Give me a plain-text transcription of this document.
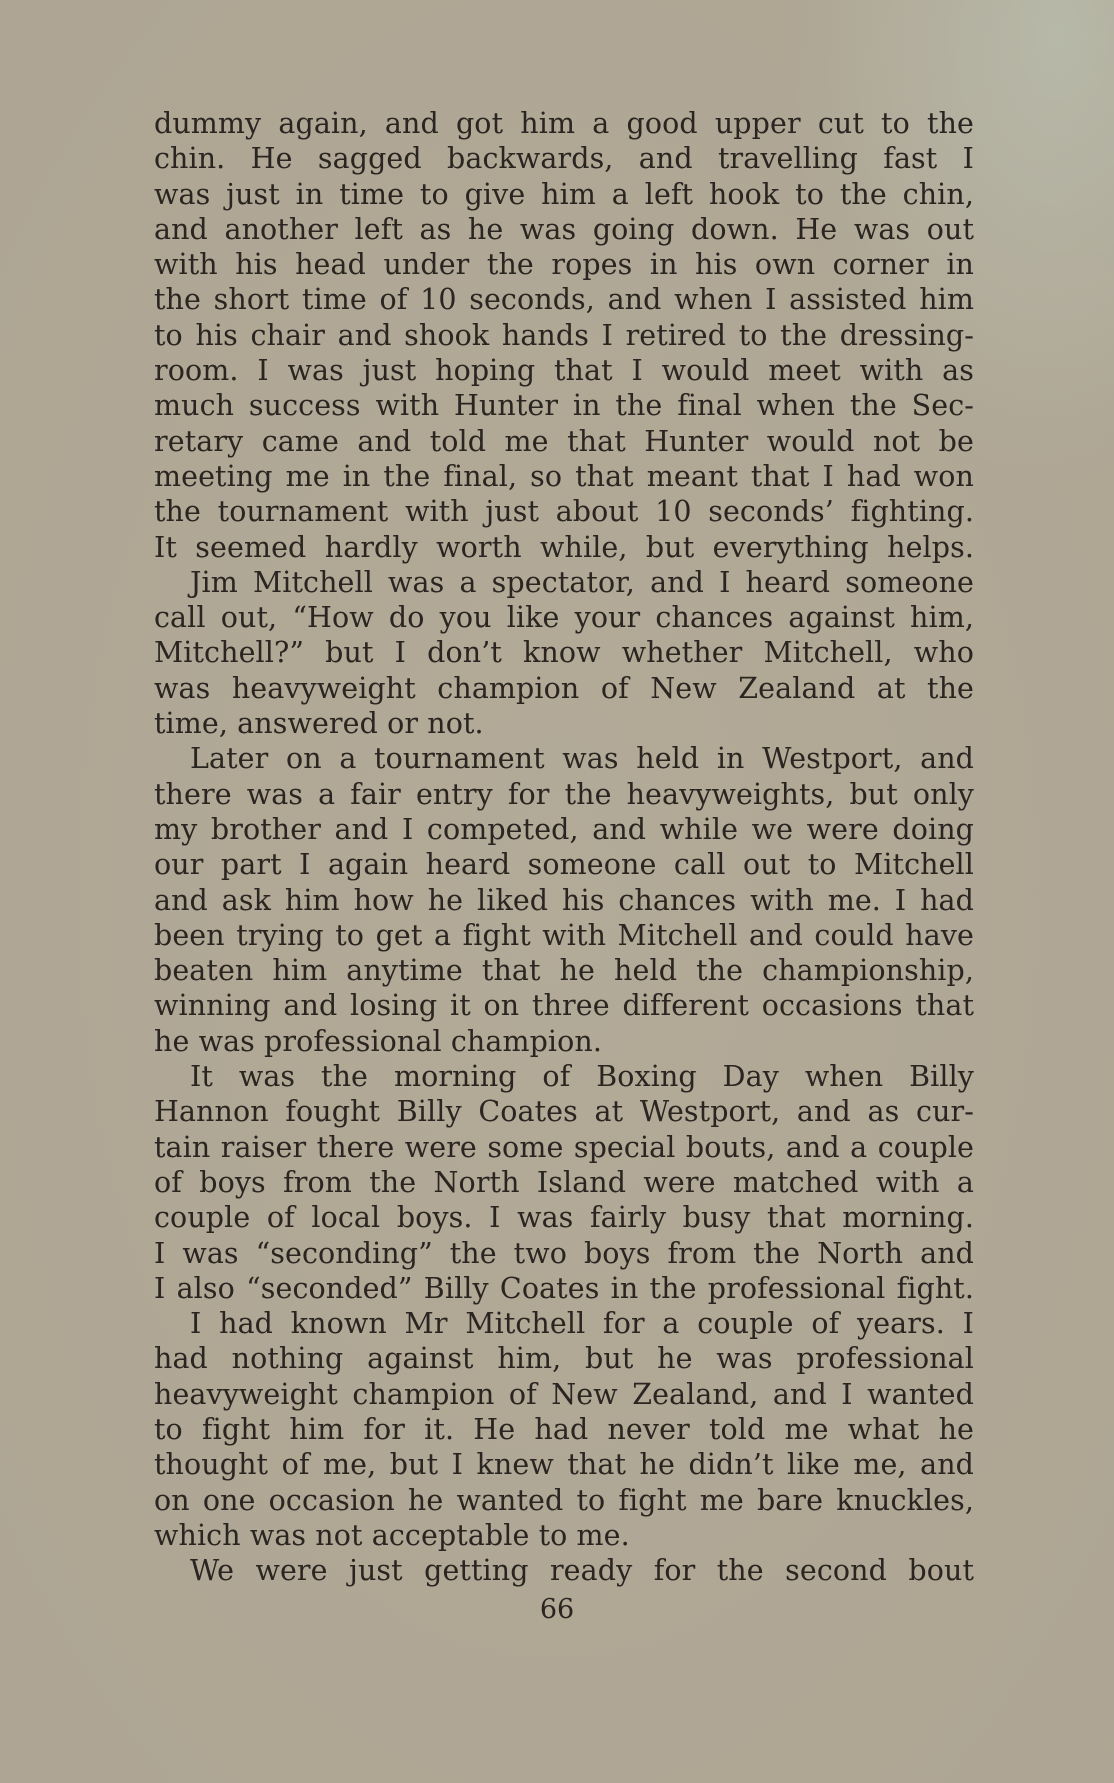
dummy again, and got him a good upper cut to the
chin. He sagged backwards, and travelling fast I
was just in time to give him a left hook to the chin,
and another left as he was going down. He was out
with his head under the ropes in his own corner in
the short time of 10 seconds, and when I assisted him
to his chair and shook hands I retired to the dressing-
room. I was just hoping that I would meet with as
much success with Hunter in the final when the Sec-
retary came and told me that Hunter would not be
meeting me in the final, so that meant that I had won
the tournament with just about 10 seconds’ fighting.
It seemed hardly worth while, but everything helps.
Jim Mitchell was a spectator, and I heard someone
call out, “How do you like your chances against him,
Mitchell?” but I don’t know whether Mitchell, who
was heavyweight champion of New Zealand at the
time, answered or not.
Later on a tournament was held in Westport, and
there was a fair entry for the heavyweights, but only
my brother and I competed, and while we were doing
our part I again heard someone call out to Mitchell
and ask him how he liked his chances with me. I had
been trying to get a fight with Mitchell and could have
beaten him anytime that he held the championship,
winning and losing it on three different occasions that
he was professional champion.
It was the morning of Boxing Day when Billy
Hannon fought Billy Coates at Westport, and as cur-
tain raiser there were some special bouts, and a couple
of boys from the North Island were matched with a
couple of local boys. I was fairly busy that morning.
I was “seconding” the two boys from the North and
I also “seconded” Billy Coates in the professional fight.
I had known Mr Mitchell for a couple of years. I
had nothing against him, but he was professional
heavyweight champion of New Zealand, and I wanted
to fight him for it. He had never told me what he
thought of me, but I knew that he didn’t like me, and
on one occasion he wanted to fight me bare knuckles,
which was not acceptable to me.
We were just getting ready for the second bout
66
